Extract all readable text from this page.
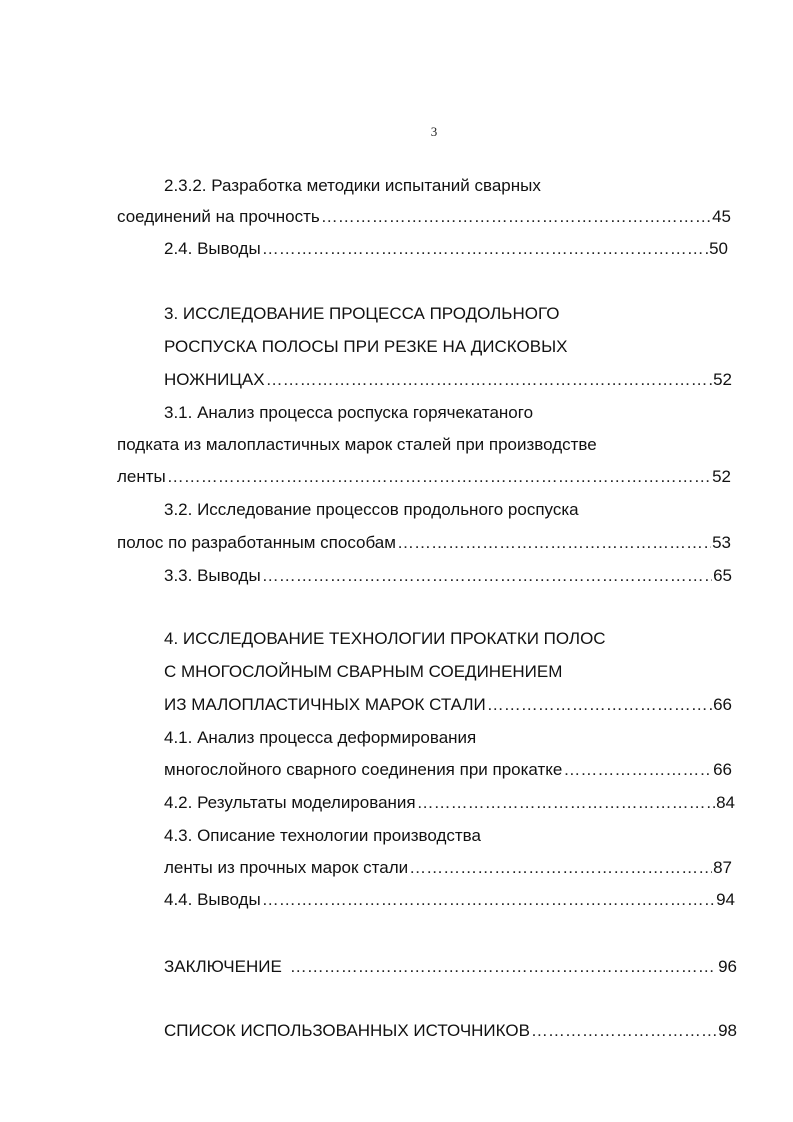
3
2.3.2. Разработка методики испытаний сварных
соединений на прочность ……………………………………………………………………………………………………………………………………………………………………………………	45
2.4. Выводы ……………………………………………………………………………………………………………………………………………………………………………………	50
3. ИССЛЕДОВАНИЕ ПРОЦЕССА ПРОДОЛЬНОГО
РОСПУСКА ПОЛОСЫ ПРИ РЕЗКЕ НА ДИСКОВЫХ
НОЖНИЦАХ ……………………………………………………………………………………………………………………………………………………………………………………	52
3.1. Анализ процесса роспуска горячекатаного
подката из малопластичных марок сталей при производстве
ленты ……………………………………………………………………………………………………………………………………………………………………………………	52
3.2. Исследование процессов продольного роспуска
полос по разработанным способам ……………………………………………………………………………………………………………………………………………………………………………………	53
3.3. Выводы ……………………………………………………………………………………………………………………………………………………………………………………	65
4. ИССЛЕДОВАНИЕ ТЕХНОЛОГИИ ПРОКАТКИ ПОЛОС
С МНОГОСЛОЙНЫМ СВАРНЫМ СОЕДИНЕНИЕМ
ИЗ МАЛОПЛАСТИЧНЫХ МАРОК СТАЛИ ……………………………………………………………………………………………………………………………………………………………………………………	66
4.1. Анализ процесса деформирования
многослойного сварного соединения при прокатке ……………………………………………………………………………………………………………………………………………………………………………………	66
4.2. Результаты моделирования ……………………………………………………………………………………………………………………………………………………………………………………	84
4.3. Описание технологии производства
ленты из прочных марок стали ……………………………………………………………………………………………………………………………………………………………………………………	87
4.4. Выводы ……………………………………………………………………………………………………………………………………………………………………………………	94
ЗАКЛЮЧЕНИЕ ……………………………………………………………………………………………………………………………………………………………………………………	96
СПИСОК ИСПОЛЬЗОВАННЫХ ИСТОЧНИКОВ ……………………………………………………………………………………………………………………………………………………………………………………	98
